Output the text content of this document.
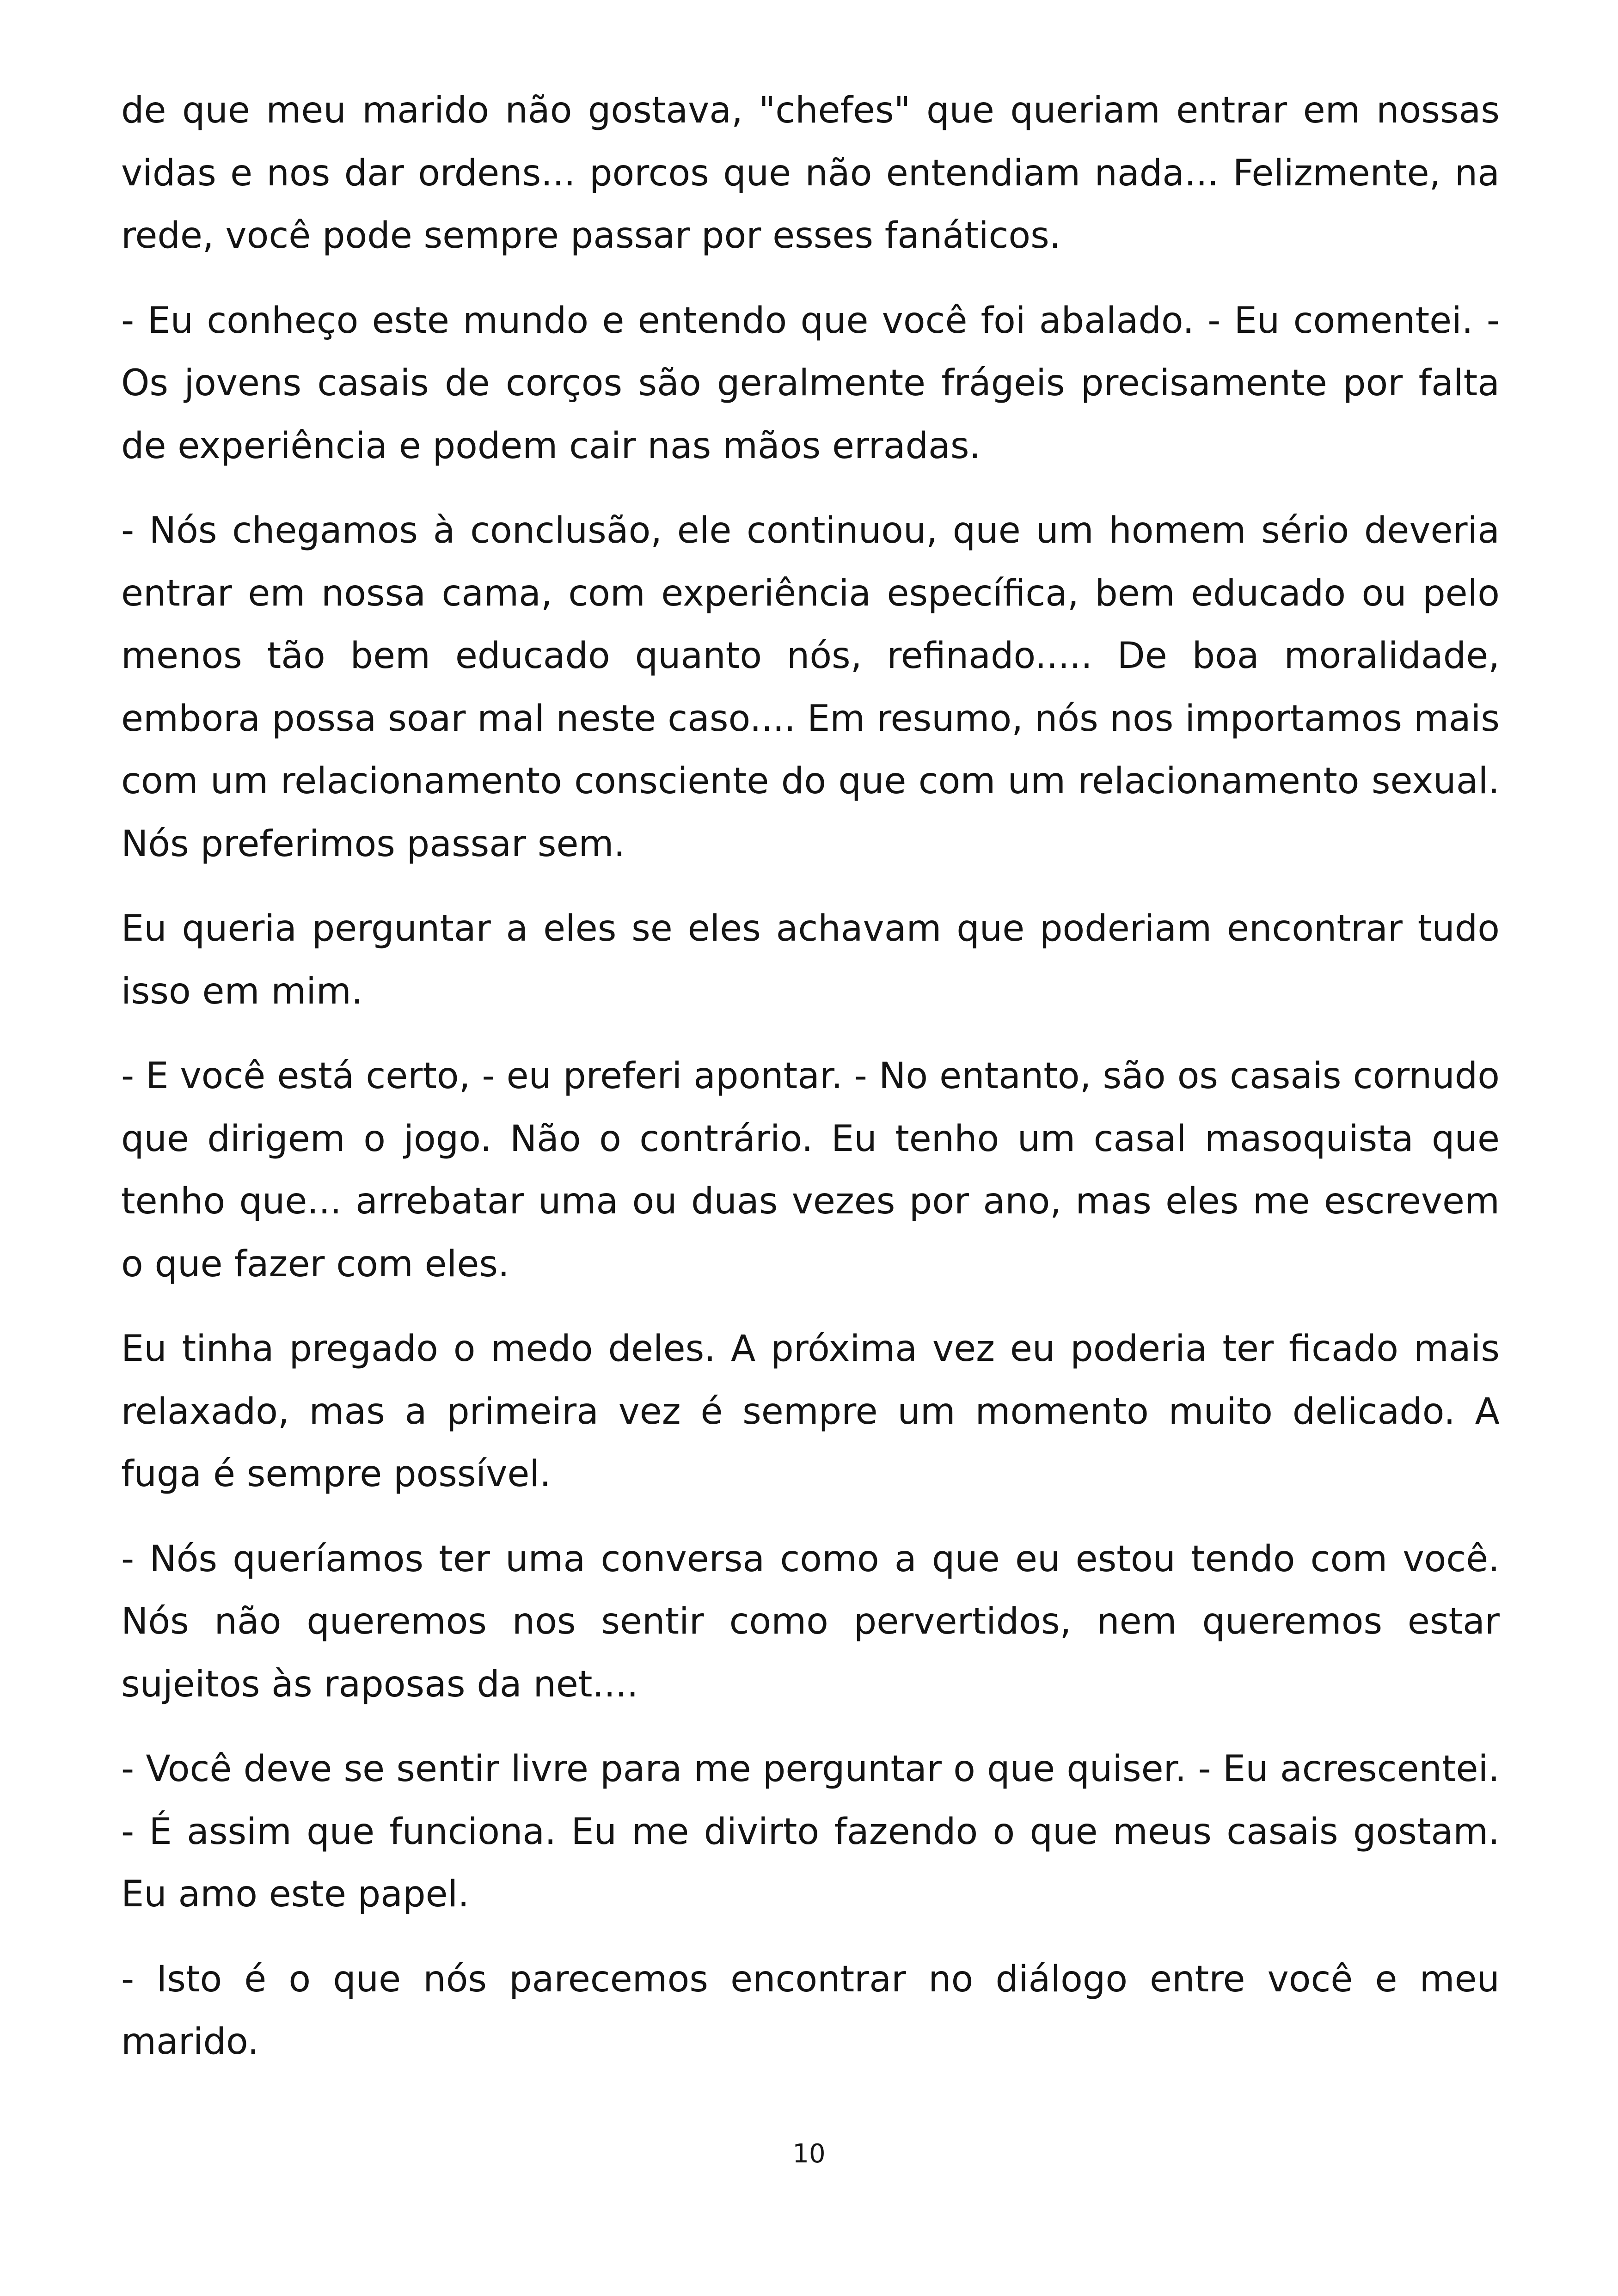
de que meu marido não gostava, "chefes" que queriam entrar em nossas vidas e nos dar ordens... porcos que não entendiam nada... Felizmente, na rede, você pode sempre passar por esses fanáticos.

- Eu conheço este mundo e entendo que você foi abalado. - Eu comentei. - Os jovens casais de corços são geralmente frágeis precisamente por falta de experiência e podem cair nas mãos erradas.

- Nós chegamos à conclusão, ele continuou, que um homem sério deveria entrar em nossa cama, com experiência específica, bem educado ou pelo menos tão bem educado quanto nós, refinado..... De boa moralidade, embora possa soar mal neste caso.... Em resumo, nós nos importamos mais com um relacionamento consciente do que com um relacionamento sexual. Nós preferimos passar sem.

Eu queria perguntar a eles se eles achavam que poderiam encontrar tudo isso em mim.

- E você está certo, - eu preferi apontar. - No entanto, são os casais cornudo que dirigem o jogo. Não o contrário. Eu tenho um casal masoquista que tenho que... arrebatar uma ou duas vezes por ano, mas eles me escrevem o que fazer com eles.

Eu tinha pregado o medo deles. A próxima vez eu poderia ter ficado mais relaxado, mas a primeira vez é sempre um momento muito delicado. A fuga é sempre possível.

- Nós queríamos ter uma conversa como a que eu estou tendo com você. Nós não queremos nos sentir como pervertidos, nem queremos estar sujeitos às raposas da net....

- Você deve se sentir livre para me perguntar o que quiser. - Eu acrescentei. - É assim que funciona. Eu me divirto fazendo o que meus casais gostam. Eu amo este papel.

- Isto é o que nós parecemos encontrar no diálogo entre você e meu marido.

10
